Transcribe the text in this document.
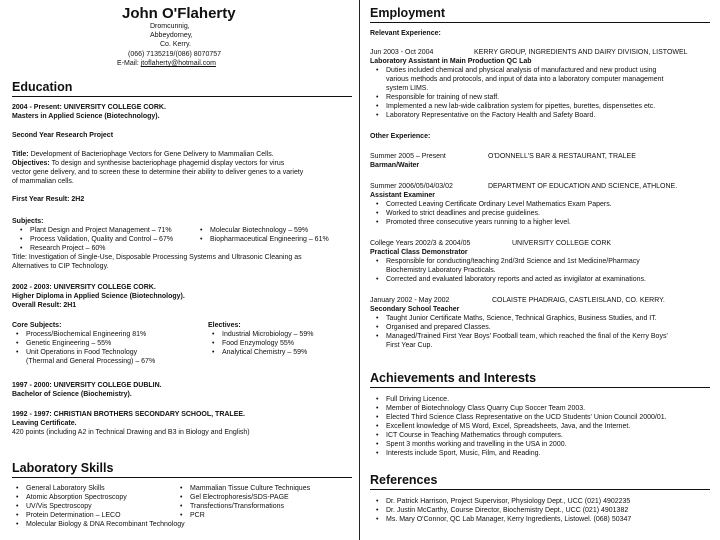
John O'Flaherty
Dromcunnig,
Abbeydorney,
Co. Kerry.
(066) 7135219/(086) 8070757
E-Mail: jtoflaherty@hotmail.com
Education
2004 - Present: UNIVERSITY COLLEGE CORK.
Masters in Applied Science (Biotechnology).
Second Year Research Project
Title: Development of Bacteriophage Vectors for Gene Delivery to Mammalian Cells.
Objectives: To design and synthesise bacteriophage phagemid display vectors for virus
vector gene delivery, and to screen these to determine their ability to deliver genes to a variety
of mammalian cells.
First Year Result: 2H2
Subjects:
• Plant Design and Project Management – 71%
• Process Validation, Quality and Control – 67%
• Research Project – 60%
• Molecular Biotechnology – 59%
• Biopharmaceutical Engineering – 61%
Title: Investigation of Single-Use, Disposable Processing Systems and Ultrasonic Cleaning as
Alternatives to CIP Technology.
2002 - 2003: UNIVERSITY COLLEGE CORK.
Higher Diploma in Applied Science (Biotechnology).
Overall Result: 2H1
Core Subjects:	Electives:
• Process/Biochemical Engineering 81%
• Genetic Engineering – 55%
• Unit Operations in Food Technology
(Thermal and General Processing) – 67%
• Industrial Microbiology – 59%
• Food Enzymology 55%
• Analytical Chemistry – 59%
1997 - 2000: UNIVERSITY COLLEGE DUBLIN.
Bachelor of Science (Biochemistry).
1992 - 1997: CHRISTIAN BROTHERS SECONDARY SCHOOL, TRALEE.
Leaving Certificate.
420 points (including A2 in Technical Drawing and B3 in Biology and English)
Laboratory Skills
• General Laboratory Skills
• Atomic Absorption Spectroscopy
• UV/Vis Spectroscopy
• Protein Determination – LECO
• Molecular Biology & DNA Recombinant Technology
• Mammalian Tissue Culture Techniques
• Gel Electrophoresis/SDS-PAGE
• Transfections/Transformations
• PCR
Employment
Relevant Experience:
Jun 2003 - Oct 2004	KERRY GROUP, INGREDIENTS AND DAIRY DIVISION, LISTOWEL
Laboratory Assistant in Main Production QC Lab
• Duties included chemical and physical analysis of manufactured and new product using
various methods and protocols, and input of data into a laboratory computer management
system LIMS.
• Responsible for training of new staff.
• Implemented a new lab-wide calibration system for pipettes, burettes, dispensettes etc.
• Laboratory Representative on the Factory Health and Safety Board.
Other Experience:
Summer 2005 – Present	O'DONNELL'S BAR & RESTAURANT, TRALEE
Barman/Waiter
Summer 2006/05/04/03/02	DEPARTMENT OF EDUCATION AND SCIENCE, ATHLONE.
Assistant Examiner
• Corrected Leaving Certificate Ordinary Level Mathematics Exam Papers.
• Worked to strict deadlines and precise guidelines.
• Promoted three consecutive years running to a higher level.
College Years 2002/3 & 2004/05	UNIVERSITY COLLEGE CORK
Practical Class Demonstrator
• Responsible for conducting/teaching 2nd/3rd Science and 1st Medicine/Pharmacy
Biochemistry Laboratory Practicals.
• Corrected and evaluated laboratory reports and acted as invigilator at examinations.
January 2002 - May 2002	COLAISTE PHADRAIG, CASTLEISLAND, CO. KERRY.
Secondary School Teacher
• Taught Junior Certificate Maths, Science, Technical Graphics, Business Studies, and IT.
• Organised and prepared Classes.
• Managed/Trained First Year Boys' Football team, which reached the final of the Kerry Boys'
First Year Cup.
Achievements and Interests
• Full Driving Licence.
• Member of Biotechnology Class Quarry Cup Soccer Team 2003.
• Elected Third Science Class Representative on the UCD Students' Union Council 2000/01.
• Excellent knowledge of MS Word, Excel, Spreadsheets, Java, and the Internet.
• ICT Course in Teaching Mathematics through computers.
• Spent 3 months working and travelling in the USA in 2000.
• Interests include Sport, Music, Film, and Reading.
References
• Dr. Patrick Harrison, Project Supervisor, Physiology Dept., UCC (021) 4902235
• Dr. Justin McCarthy, Course Director, Biochemistry Dept., UCC (021) 4901382
• Ms. Mary O'Connor, QC Lab Manager, Kerry Ingredients, Listowel. (068) 50347
